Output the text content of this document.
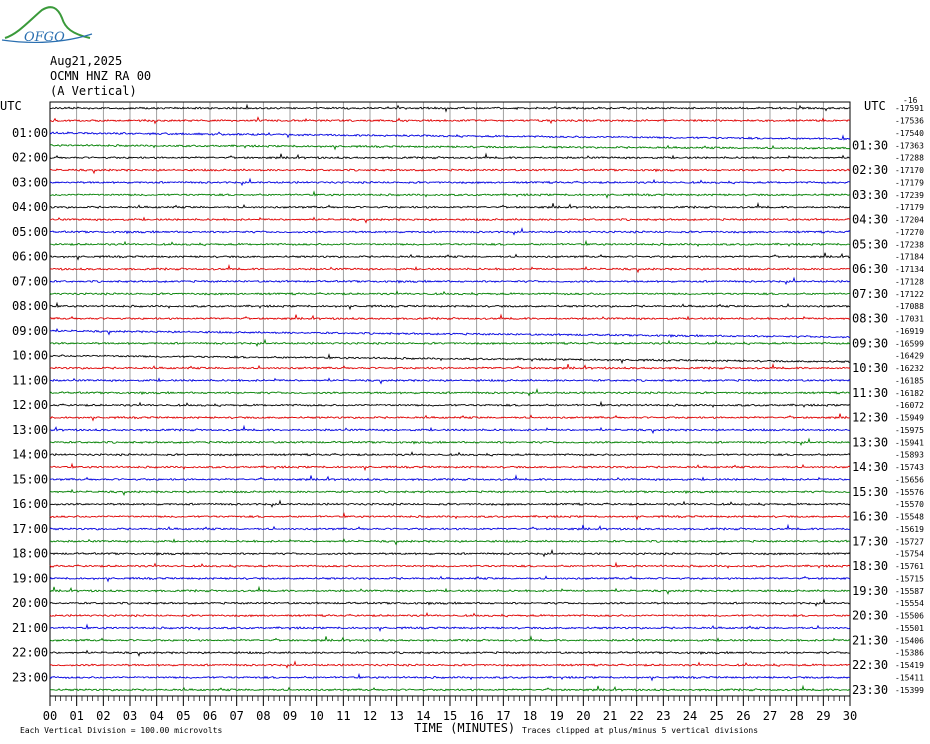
OFGO
Aug21,2025
OCMN HNZ RA 00
(A Vertical)
UTC	UTC -16
01:00
02:00
03:00
04:00
05:00
06:00
07:00
08:00
09:00
10:00
11:00
12:00
13:00
14:00
15:00
16:00
17:00
18:00
19:00
20:00
21:00
22:00
23:00
01:30
02:30
03:30
04:30
05:30
06:30
07:30
08:30
09:30
10:30
11:30
12:30
13:30
14:30
15:30
16:30
17:30
18:30
19:30
20:30
21:30
22:30
23:30
-17591
-17536
-17540
-17363
-17288
-17170
-17179
-17239
-17179
-17204
-17270
-17238
-17184
-17134
-17128
-17122
-17088
-17031
-16919
-16599
-16429
-16232
-16185
-16182
-16072
-15949
-15975
-15941
-15893
-15743
-15656
-15576
-15570
-15548
-15619
-15727
-15754
-15761
-15715
-15587
-15554
-15506
-15501
-15406
-15386
-15419
-15411
-15399
00 01 02 03 04 05 06 07 08 09 10 11 12 13 14 15 16 17 18 19 20 21 22 23 24 25 26 27 28 29 30
Each Vertical Division = 100.00 microvolts	TIME (MINUTES) Traces clipped at plus/minus 5 vertical divisions
